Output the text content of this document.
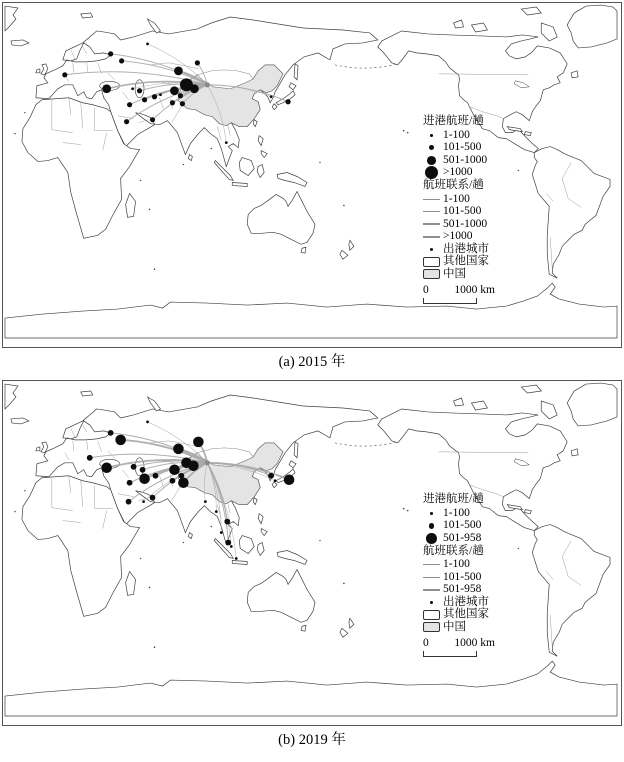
进港航班/趟
1-100
101-500
501-1000
>1000
航班联系/趟
1-100
101-500
501-1000
>1000
出港城市
其他国家
中国
0 1000 km
(a) 2015 年
进港航班/趟
1-100
101-500
501-958
航班联系/趟
1-100
101-500
501-958
出港城市
其他国家
中国
0 1000 km
(b) 2019 年
